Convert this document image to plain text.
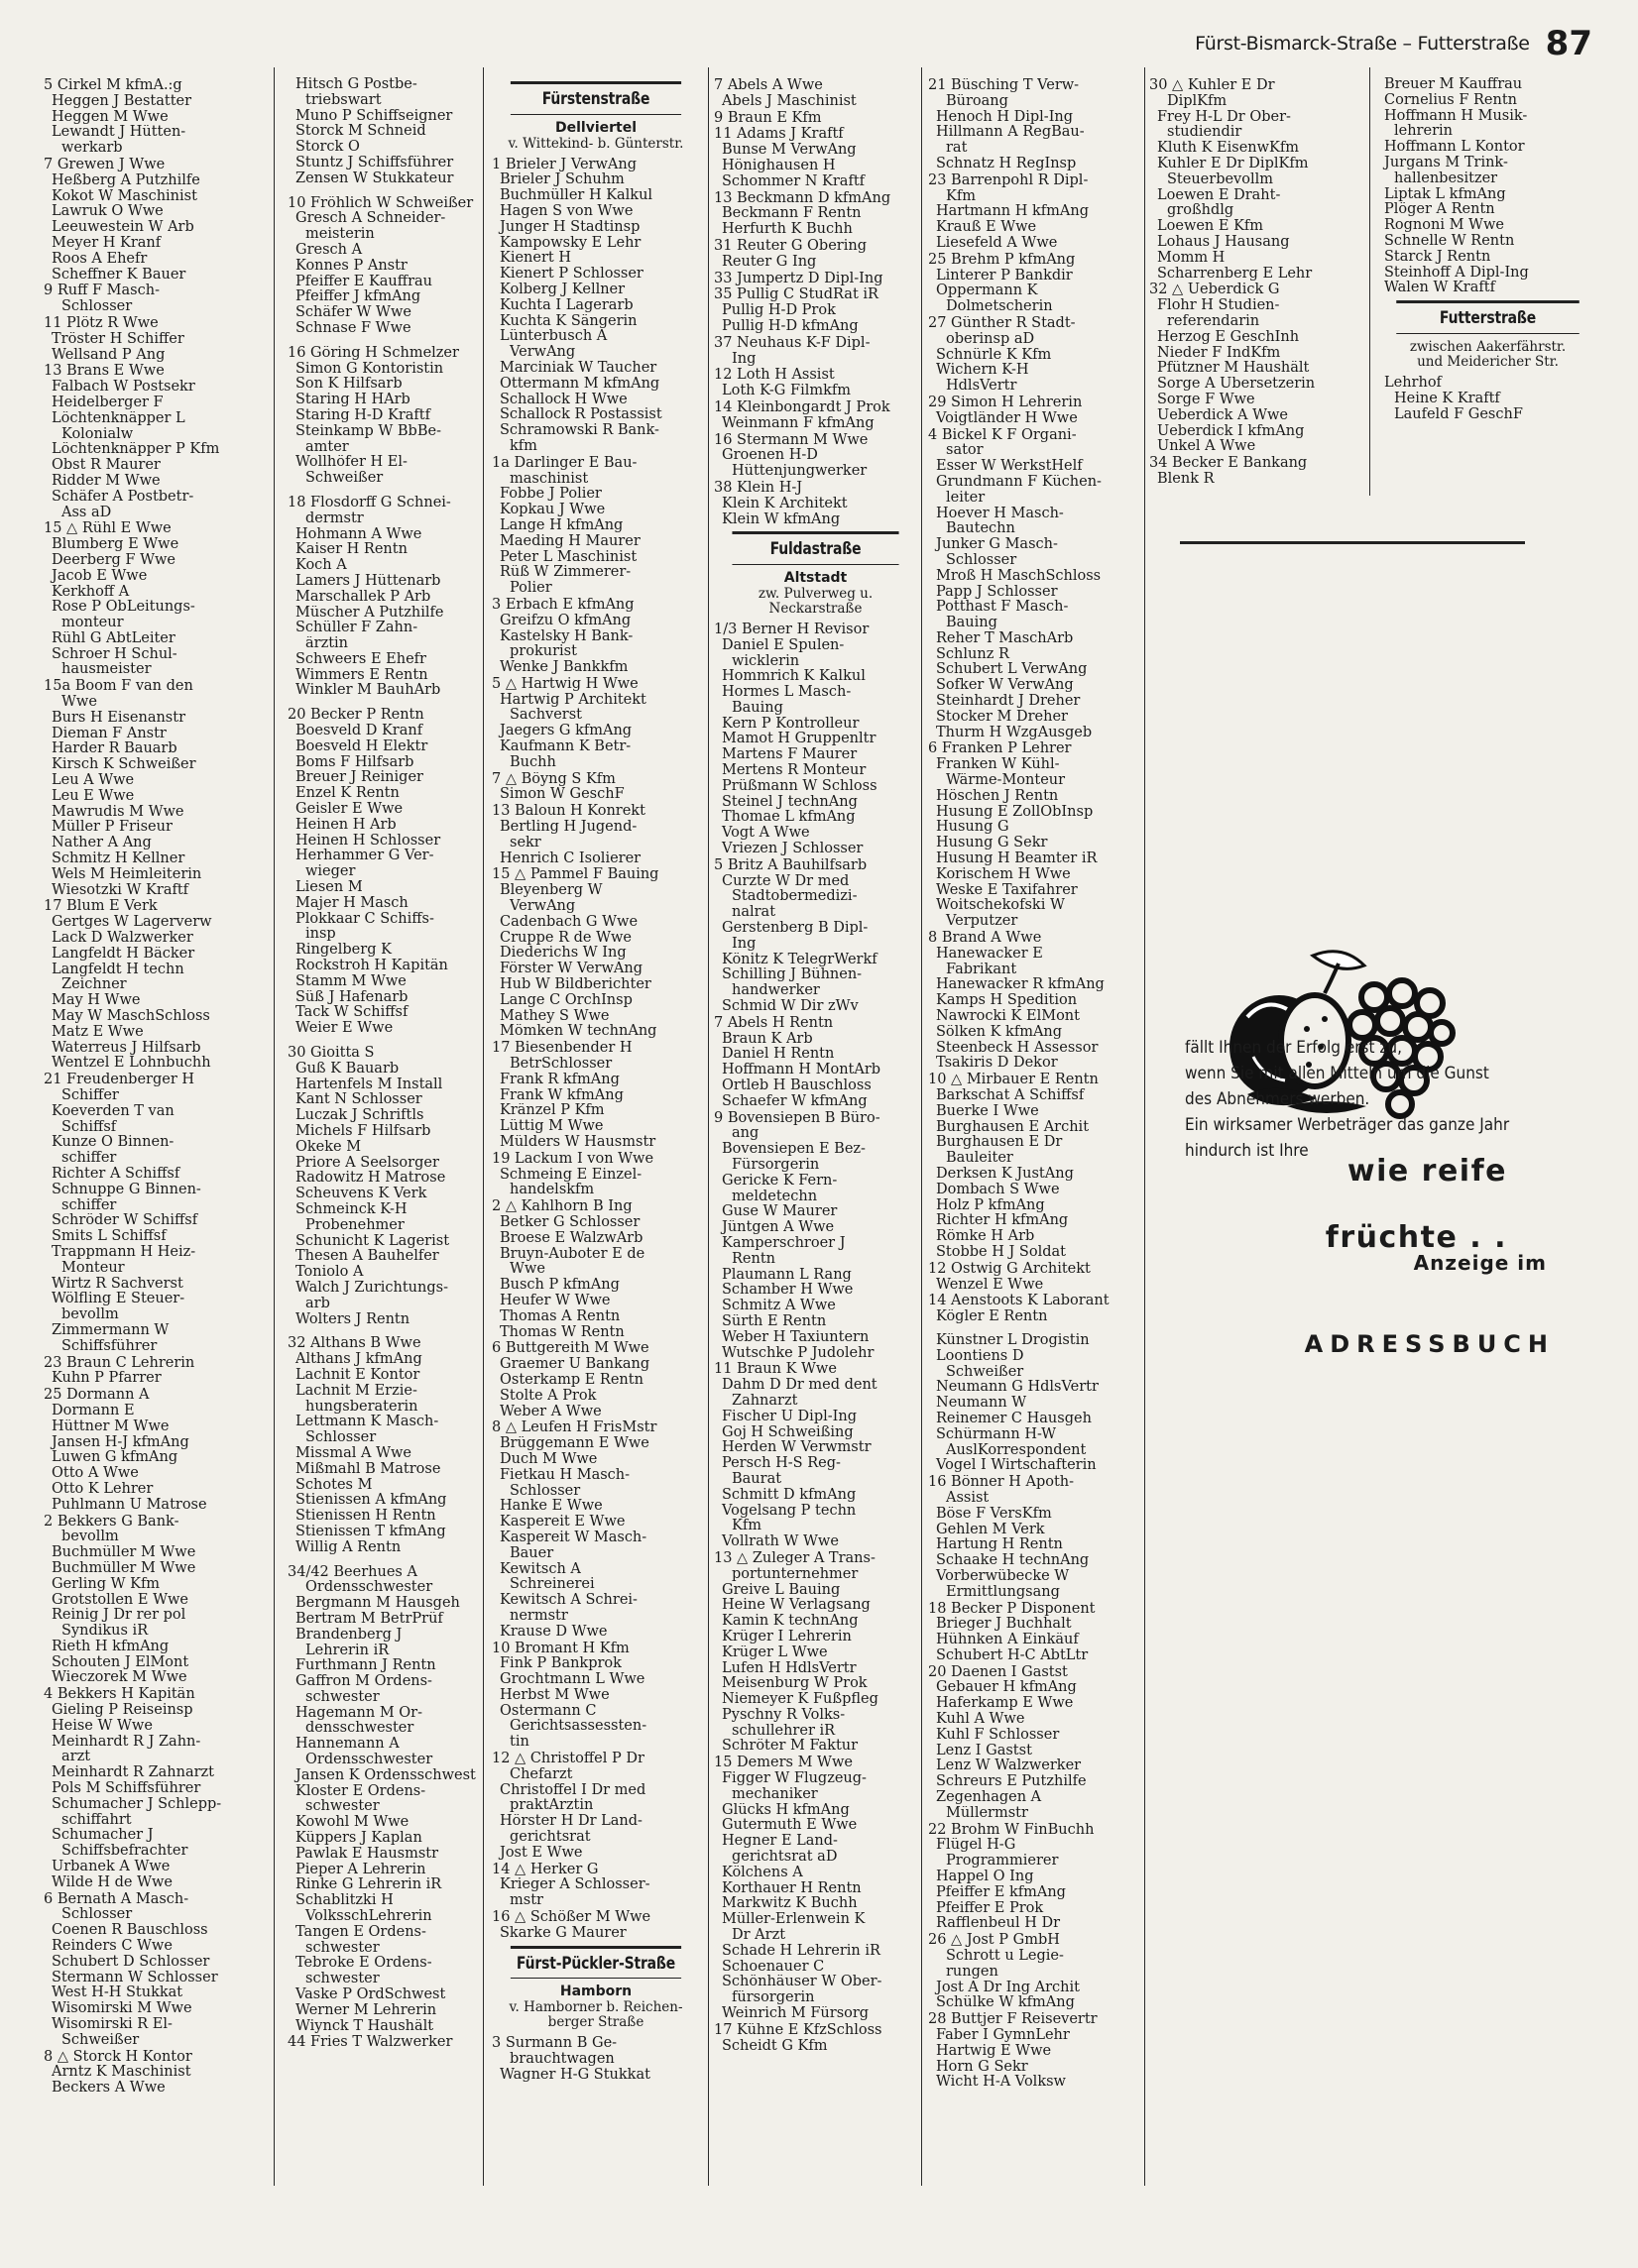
Fürst-Bismarck-Straße – Futterstraße 87
5 Cirkel M kfmA.:g
Heggen J Bestatter
Heggen M Wwe
Lewandt J Hütten-
werkarb
7 Grewen J Wwe
Heßberg A Putzhilfe
Kokot W Maschinist
Lawruk O Wwe
Leeuwestein W Arb
Meyer H Kranf
Roos A Ehefr
Scheffner K Bauer
9 Ruff F Masch-
Schlosser
11 Plötz R Wwe
Tröster H Schiffer
Wellsand P Ang
13 Brans E Wwe
Falbach W Postsekr
Heidelberger F
Löchtenknäpper L
Kolonialw
Löchtenknäpper P Kfm
Obst R Maurer
Ridder M Wwe
Schäfer A Postbetr-
Ass aD
15 △ Rühl E Wwe
Blumberg E Wwe
Deerberg F Wwe
Jacob E Wwe
Kerkhoff A
Rose P ObLeitungs-
monteur
Rühl G AbtLeiter
Schroer H Schul-
hausmeister
15a Boom F van den
Wwe
Burs H Eisenanstr
Dieman F Anstr
Harder R Bauarb
Kirsch K Schweißer
Leu A Wwe
Leu E Wwe
Mawrudis M Wwe
Müller P Friseur
Nather A Ang
Schmitz H Kellner
Wels M Heimleiterin
Wiesotzki W Kraftf
17 Blum E Verk
Gertges W Lagerverw
Lack D Walzwerker
Langfeldt H Bäcker
Langfeldt H techn
Zeichner
May H Wwe
May W MaschSchloss
Matz E Wwe
Waterreus J Hilfsarb
Wentzel E Lohnbuchh
21 Freudenberger H
Schiffer
Koeverden T van
Schiffsf
Kunze O Binnen-
schiffer
Richter A Schiffsf
Schnuppe G Binnen-
schiffer
Schröder W Schiffsf
Smits L Schiffsf
Trappmann H Heiz-
Monteur
Wirtz R Sachverst
Wölfling E Steuer-
bevollm
Zimmermann W
Schiffsführer
23 Braun C Lehrerin
Kuhn P Pfarrer
25 Dormann A
Dormann E
Hüttner M Wwe
Jansen H-J kfmAng
Luwen G kfmAng
Otto A Wwe
Otto K Lehrer
Puhlmann U Matrose
2 Bekkers G Bank-
bevollm
Buchmüller M Wwe
Buchmüller M Wwe
Gerling W Kfm
Grotstollen E Wwe
Reinig J Dr rer pol
Syndikus iR
Rieth H kfmAng
Schouten J ElMont
Wieczorek M Wwe
4 Bekkers H Kapitän
Gieling P Reiseinsp
Heise W Wwe
Meinhardt R J Zahn-
arzt
Meinhardt R Zahnarzt
Pols M Schiffsführer
Schumacher J Schlepp-
schiffahrt
Schumacher J
Schiffsbefrachter
Urbanek A Wwe
Wilde H de Wwe
6 Bernath A Masch-
Schlosser
Coenen R Bauschloss
Reinders C Wwe
Schubert D Schlosser
Stermann W Schlosser
West H-H Stukkat
Wisomirski M Wwe
Wisomirski R El-
Schweißer
8 △ Storck H Kontor
Arntz K Maschinist
Beckers A Wwe
Hitsch G Postbe-
triebswart
Muno P Schiffseigner
Storck M Schneid
Storck O
Stuntz J Schiffsführer
Zensen W Stukkateur
10 Fröhlich W Schweißer
Gresch A Schneider-
meisterin
Gresch A
Konnes P Anstr
Pfeiffer E Kauffrau
Pfeiffer J kfmAng
Schäfer W Wwe
Schnase F Wwe
16 Göring H Schmelzer
Simon G Kontoristin
Son K Hilfsarb
Staring H HArb
Staring H-D Kraftf
Steinkamp W BbBe-
amter
Wollhöfer H El-
Schweißer
18 Flosdorff G Schnei-
dermstr
Hohmann A Wwe
Kaiser H Rentn
Koch A
Lamers J Hüttenarb
Marschallek P Arb
Müscher A Putzhilfe
Schüller F Zahn-
ärztin
Schweers E Ehefr
Wimmers E Rentn
Winkler M BauhArb
20 Becker P Rentn
Boesveld D Kranf
Boesveld H Elektr
Boms F Hilfsarb
Breuer J Reiniger
Enzel K Rentn
Geisler E Wwe
Heinen H Arb
Heinen H Schlosser
Herhammer G Ver-
wieger
Liesen M
Majer H Masch
Plokkaar C Schiffs-
insp
Ringelberg K
Rockstroh H Kapitän
Stamm M Wwe
Süß J Hafenarb
Tack W Schiffsf
Weier E Wwe
30 Gioitta S
Guß K Bauarb
Hartenfels M Install
Kant N Schlosser
Luczak J Schriftls
Michels F Hilfsarb
Okeke M
Priore A Seelsorger
Radowitz H Matrose
Scheuvens K Verk
Schmeinck K-H
Probenehmer
Schunicht K Lagerist
Thesen A Bauhelfer
Toniolo A
Walch J Zurichtungs-
arb
Wolters J Rentn
32 Althans B Wwe
Althans J kfmAng
Lachnit E Kontor
Lachnit M Erzie-
hungsberaterin
Lettmann K Masch-
Schlosser
Missmal A Wwe
Mißmahl B Matrose
Schotes M
Stienissen A kfmAng
Stienissen H Rentn
Stienissen T kfmAng
Willig A Rentn
34/42 Beerhues A
Ordensschwester
Bergmann M Hausgeh
Bertram M BetrPrüf
Brandenberg J
Lehrerin iR
Furthmann J Rentn
Gaffron M Ordens-
schwester
Hagemann M Or-
densschwester
Hannemann A
Ordensschwester
Jansen K Ordensschwest
Kloster E Ordens-
schwester
Kowohl M Wwe
Küppers J Kaplan
Pawlak E Hausmstr
Pieper A Lehrerin
Rinke G Lehrerin iR
Schablitzki H
VolksschLehrerin
Tangen E Ordens-
schwester
Tebroke E Ordens-
schwester
Vaske P OrdSchwest
Werner M Lehrerin
Wiynck T Haushält
44 Fries T Walzwerker
Fürstenstraße
Dellviertel
v. Wittekind- b. Günterstr.
1 Brieler J VerwAng
Brieler J Schuhm
Buchmüller H Kalkul
Hagen S von Wwe
Junger H Stadtinsp
Kampowsky E Lehr
Kienert H
Kienert P Schlosser
Kolberg J Kellner
Kuchta I Lagerarb
Kuchta K Sängerin
Lünterbusch A
VerwAng
Marciniak W Taucher
Ottermann M kfmAng
Schallock H Wwe
Schallock R Postassist
Schramowski R Bank-
kfm
1a Darlinger E Bau-
maschinist
Fobbe J Polier
Kopkau J Wwe
Lange H kfmAng
Maeding H Maurer
Peter L Maschinist
Rüß W Zimmerer-
Polier
3 Erbach E kfmAng
Greifzu O kfmAng
Kastelsky H Bank-
prokurist
Wenke J Bankkfm
5 △ Hartwig H Wwe
Hartwig P Architekt
Sachverst
Jaegers G kfmAng
Kaufmann K Betr-
Buchh
7 △ Böyng S Kfm
Simon W GeschF
13 Baloun H Konrekt
Bertling H Jugend-
sekr
Henrich C Isolierer
15 △ Pammel F Bauing
Bleyenberg W
VerwAng
Cadenbach G Wwe
Cruppe R de Wwe
Diederichs W Ing
Förster W VerwAng
Hub W Bildberichter
Lange C OrchInsp
Mathey S Wwe
Mömken W technAng
17 Biesenbender H
BetrSchlosser
Frank R kfmAng
Frank W kfmAng
Kränzel P Kfm
Lüttig M Wwe
Mülders W Hausmstr
19 Lackum I von Wwe
Schmeing E Einzel-
handelskfm
2 △ Kahlhorn B Ing
Betker G Schlosser
Broese E WalzwArb
Bruyn-Auboter E de
Wwe
Busch P kfmAng
Heufer W Wwe
Thomas A Rentn
Thomas W Rentn
6 Buttgereith M Wwe
Graemer U Bankang
Osterkamp E Rentn
Stolte A Prok
Weber A Wwe
8 △ Leufen H FrisMstr
Brüggemann E Wwe
Duch M Wwe
Fietkau H Masch-
Schlosser
Hanke E Wwe
Kaspereit E Wwe
Kaspereit W Masch-
Bauer
Kewitsch A
Schreinerei
Kewitsch A Schrei-
nermstr
Krause D Wwe
10 Bromant H Kfm
Fink P Bankprok
Grochtmann L Wwe
Herbst M Wwe
Ostermann C
Gerichtsassessten-
tin
12 △ Christoffel P Dr
Chefarzt
Christoffel I Dr med
praktÄrztin
Hörster H Dr Land-
gerichtsrat
Jost E Wwe
14 △ Herker G
Krieger A Schlosser-
mstr
16 △ Schößer M Wwe
Skarke G Maurer
Fürst-Pückler-Straße
Hamborn
v. Hamborner b. Reichen-
berger Straße
3 Surmann B Ge-
brauchtwagen
Wagner H-G Stukkat
7 Abels A Wwe
Abels J Maschinist
9 Braun E Kfm
11 Adams J Kraftf
Bunse M VerwAng
Hönighausen H
Schommer N Kraftf
13 Beckmann D kfmAng
Beckmann F Rentn
Herfurth K Buchh
31 Reuter G Obering
Reuter G Ing
33 Jumpertz D Dipl-Ing
35 Pullig C StudRat iR
Pullig H-D Prok
Pullig H-D kfmAng
37 Neuhaus K-F Dipl-
Ing
12 Loth H Assist
Loth K-G Filmkfm
14 Kleinbongardt J Prok
Weinmann F kfmAng
16 Stermann M Wwe
Groenen H-D
Hüttenjungwerker
38 Klein H-J
Klein K Architekt
Klein W kfmAng
Fuldastraße
Altstadt
zw. Pulverweg u.
Neckarstraße
1/3 Berner H Revisor
Daniel E Spulen-
wicklerin
Hommrich K Kalkul
Hormes L Masch-
Bauing
Kern P Kontrolleur
Mamot H Gruppenltr
Martens F Maurer
Mertens R Monteur
Prüßmann W Schloss
Steinel J technAng
Thomae L kfmAng
Vogt A Wwe
Vriezen J Schlosser
5 Britz A Bauhilfsarb
Curzte W Dr med
Stadtobermedizi-
nalrat
Gerstenberg B Dipl-
Ing
Könitz K TelegrWerkf
Schilling J Bühnen-
handwerker
Schmid W Dir zWv
7 Abels H Rentn
Braun K Arb
Daniel H Rentn
Hoffmann H MontArb
Ortleb H Bauschloss
Schaefer W kfmAng
9 Bovensiepen B Büro-
ang
Bovensiepen E Bez-
Fürsorgerin
Gericke K Fern-
meldetechn
Guse W Maurer
Jüntgen A Wwe
Kamperschroer J
Rentn
Plaumann L Rang
Schamber H Wwe
Schmitz A Wwe
Sürth E Rentn
Weber H Taxiuntern
Wutschke P Judolehr
11 Braun K Wwe
Dahm D Dr med dent
Zahnarzt
Fischer U Dipl-Ing
Goj H Schweißing
Herden W Verwmstr
Persch H-S Reg-
Baurat
Schmitt D kfmAng
Vogelsang P techn
Kfm
Vollrath W Wwe
13 △ Zuleger A Trans-
portunternehmer
Greive L Bauing
Heine W Verlagsang
Kamin K technAng
Krüger I Lehrerin
Krüger L Wwe
Lufen H HdlsVertr
Meisenburg W Prok
Niemeyer K Fußpfleg
Pyschny R Volks-
schullehrer iR
Schröter M Faktur
15 Demers M Wwe
Figger W Flugzeug-
mechaniker
Glücks H kfmAng
Gutermuth E Wwe
Hegner E Land-
gerichtsrat aD
Kölchens A
Korthauer H Rentn
Markwitz K Buchh
Müller-Erlenwein K
Dr Arzt
Schade H Lehrerin iR
Schoenauer C
Schönhäuser W Ober-
fürsorgerin
Weinrich M Fürsorg
17 Kühne E KfzSchloss
Scheidt G Kfm
21 Büsching T Verw-
Büroang
Henoch H Dipl-Ing
Hillmann A RegBau-
rat
Schnatz H RegInsp
23 Barrenpohl R Dipl-
Kfm
Hartmann H kfmAng
Krauß E Wwe
Liesefeld A Wwe
25 Brehm P kfmAng
Linterer P Bankdir
Oppermann K
Dolmetscherin
27 Günther R Stadt-
oberinsp aD
Schnürle K Kfm
Wichern K-H
HdlsVertr
29 Simon H Lehrerin
Voigtländer H Wwe
4 Bickel K F Organi-
sator
Esser W WerkstHelf
Grundmann F Küchen-
leiter
Hoever H Masch-
Bautechn
Junker G Masch-
Schlosser
Mroß H MaschSchloss
Papp J Schlosser
Potthast F Masch-
Bauing
Reher T MaschArb
Schlunz R
Schubert L VerwAng
Sofker W VerwAng
Steinhardt J Dreher
Stocker M Dreher
Thurm H WzgAusgeb
6 Franken P Lehrer
Franken W Kühl-
Wärme-Monteur
Höschen J Rentn
Husung E ZollObInsp
Husung G
Husung G Sekr
Husung H Beamter iR
Korischem H Wwe
Weske E Taxifahrer
Woitschekofski W
Verputzer
8 Brand A Wwe
Hanewacker E
Fabrikant
Hanewacker R kfmAng
Kamps H Spedition
Nawrocki K ElMont
Sölken K kfmAng
Steenbeck H Assessor
Tsakiris D Dekor
10 △ Mirbauer E Rentn
Barkschat A Schiffsf
Buerke I Wwe
Burghausen E Archit
Burghausen E Dr
Bauleiter
Derksen K JustAng
Dombach S Wwe
Holz P kfmAng
Richter H kfmAng
Römke H Arb
Stobbe H J Soldat
12 Ostwig G Architekt
Wenzel E Wwe
14 Aenstoots K Laborant
Kögler E Rentn
Künstner L Drogistin
Loontiens D
Schweißer
Neumann G HdlsVertr
Neumann W
Reinemer C Hausgeh
Schürmann H-W
AuslKorrespondent
Vogel I Wirtschafterin
16 Bönner H Apoth-
Assist
Böse F VersKfm
Gehlen M Verk
Hartung H Rentn
Schaake H technAng
Vorberwübecke W
Ermittlungsang
18 Becker P Disponent
Brieger J Buchhalt
Hühnken A Einkäuf
Schubert H-C AbtLtr
20 Daenen I Gastst
Gebauer H kfmAng
Haferkamp E Wwe
Kuhl A Wwe
Kuhl F Schlosser
Lenz I Gastst
Lenz W Walzwerker
Schreurs E Putzhilfe
Zegenhagen A
Müllermstr
22 Brohm W FinBuchh
Flügel H-G
Programmierer
Happel O Ing
Pfeiffer E kfmAng
Pfeiffer E Prok
Rafflenbeul H Dr
26 △ Jost P GmbH
Schrott u Legie-
rungen
Jost A Dr Ing Archit
Schülke W kfmAng
28 Buttjer F Reisevertr
Faber I GymnLehr
Hartwig E Wwe
Horn G Sekr
Wicht H-A Volksw
30 △ Kuhler E Dr
DiplKfm
Frey H-L Dr Ober-
studiendir
Kluth K EisenwKfm
Kuhler E Dr DiplKfm
Steuerbevollm
Loewen E Draht-
großhdlg
Loewen E Kfm
Lohaus J Hausang
Momm H
Scharrenberg E Lehr
32 △ Ueberdick G
Flohr H Studien-
referendarin
Herzog E GeschInh
Nieder F IndKfm
Pfützner M Haushält
Sorge A Übersetzerin
Sorge F Wwe
Ueberdick A Wwe
Ueberdick I kfmAng
Unkel A Wwe
34 Becker E Bankang
Blenk R
Breuer M Kauffrau
Cornelius F Rentn
Hoffmann H Musik-
lehrerin
Hoffmann L Kontor
Jurgans M Trink-
hallenbesitzer
Liptak L kfmAng
Plöger A Rentn
Rognoni M Wwe
Schnelle W Rentn
Starck J Rentn
Steinhoff A Dipl-Ing
Walen W Kraftf
Futterstraße
zwischen Aakerfährstr.
und Meidericher Str.
Lehrhof
Heine K Kraftf
Laufeld F GeschF
wie reife
früchte . .
fällt Ihnen der Erfolg erst zu,
wenn Sie mit allen Mitteln um die Gunst
des Abnehmers werben.
Ein wirksamer Werbeträger das ganze Jahr
hindurch ist Ihre
Anzeige im
ADRESSBUCH
